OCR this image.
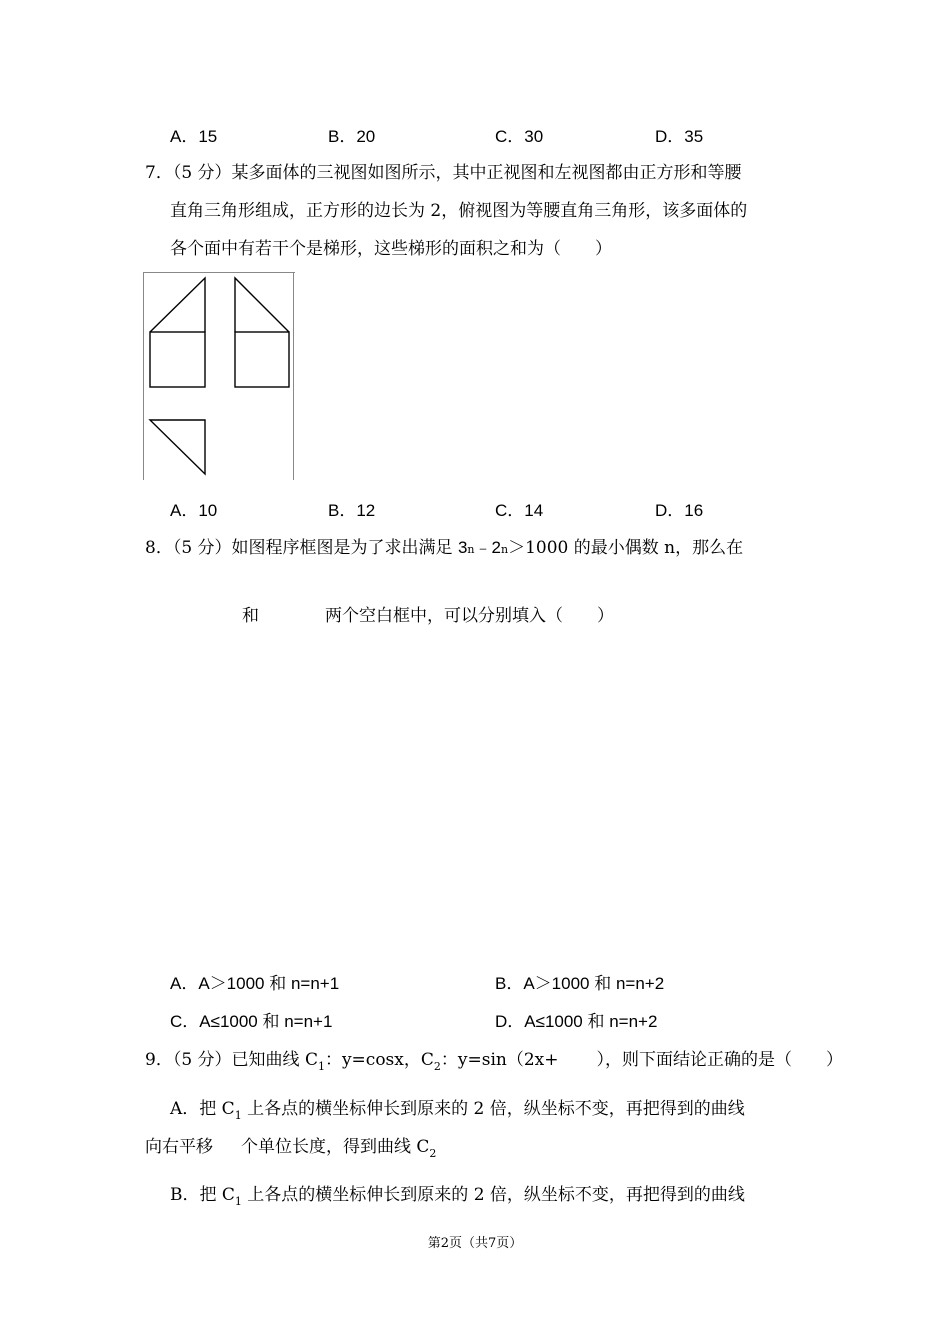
A．15	B．20	C．30	D．35
7．（5 分）某多面体的三视图如图所示，其中正视图和左视图都由正方形和等腰
直角三角形组成，正方形的边长为 2，俯视图为等腰直角三角形，该多面体的
各个面中有若干个是梯形，这些梯形的面积之和为（　　）
A．10	B．12	C．14	D．16
8．（5 分）如图程序框图是为了求出满足 3n﹣2n＞1000 的最小偶数 n，那么在
和	两个空白框中，可以分别填入（　　）
A．A＞1000 和 n=n+1	B．A＞1000 和 n=n+2
C．A≤1000 和 n=n+1	D．A≤1000 和 n=n+2
9．（5 分）已知曲线 $C_1$：y=cosx，$C_2$：y=sin（2x+ ），则下面结论正确的是（　　）
A．把 $C_1$ 上各点的横坐标伸长到原来的 2 倍，纵坐标不变，再把得到的曲线
向右平移 个单位长度，得到曲线 $C_2$
B．把 $C_1$ 上各点的横坐标伸长到原来的 2 倍，纵坐标不变，再把得到的曲线
第2页（共7页）
